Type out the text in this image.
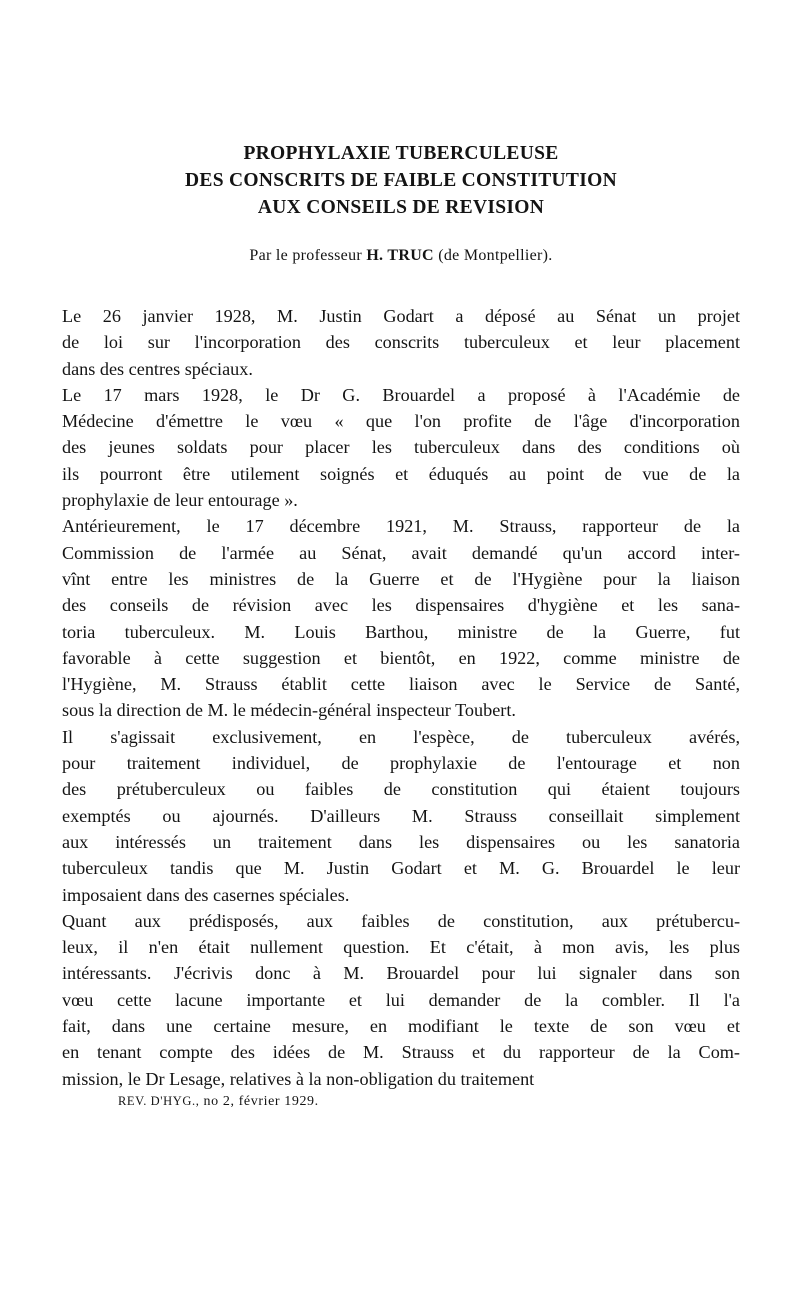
PROPHYLAXIE TUBERCULEUSE
DES CONSCRITS DE FAIBLE CONSTITUTION
AUX CONSEILS DE REVISION
Par le professeur H. TRUC (de Montpellier).

Le 26 janvier 1928, M. Justin Godart a déposé au Sénat un projet
de loi sur l'incorporation des conscrits tuberculeux et leur placement
dans des centres spéciaux.

Le 17 mars 1928, le Dr G. Brouardel a proposé à l'Académie de
Médecine d'émettre le vœu « que l'on profite de l'âge d'incorporation
des jeunes soldats pour placer les tuberculeux dans des conditions où
ils pourront être utilement soignés et éduqués au point de vue de la
prophylaxie de leur entourage ».

Antérieurement, le 17 décembre 1921, M. Strauss, rapporteur de la
Commission de l'armée au Sénat, avait demandé qu'un accord inter-
vînt entre les ministres de la Guerre et de l'Hygiène pour la liaison
des conseils de révision avec les dispensaires d'hygiène et les sana-
toria tuberculeux. M. Louis Barthou, ministre de la Guerre, fut
favorable à cette suggestion et bientôt, en 1922, comme ministre de
l'Hygiène, M. Strauss établit cette liaison avec le Service de Santé,
sous la direction de M. le médecin-général inspecteur Toubert.

Il s'agissait exclusivement, en l'espèce, de tuberculeux avérés,
pour traitement individuel, de prophylaxie de l'entourage et non
des prétuberculeux ou faibles de constitution qui étaient toujours
exemptés ou ajournés. D'ailleurs M. Strauss conseillait simplement
aux intéressés un traitement dans les dispensaires ou les sanatoria
tuberculeux tandis que M. Justin Godart et M. G. Brouardel le leur
imposaient dans des casernes spéciales.

Quant aux prédisposés, aux faibles de constitution, aux prétubercu-
leux, il n'en était nullement question. Et c'était, à mon avis, les plus
intéressants. J'écrivis donc à M. Brouardel pour lui signaler dans son
vœu cette lacune importante et lui demander de la combler. Il l'a
fait, dans une certaine mesure, en modifiant le texte de son vœu et
en tenant compte des idées de M. Strauss et du rapporteur de la Com-
mission, le Dr Lesage, relatives à la non-obligation du traitement

REV. D'HYG., no 2, février 1929.
